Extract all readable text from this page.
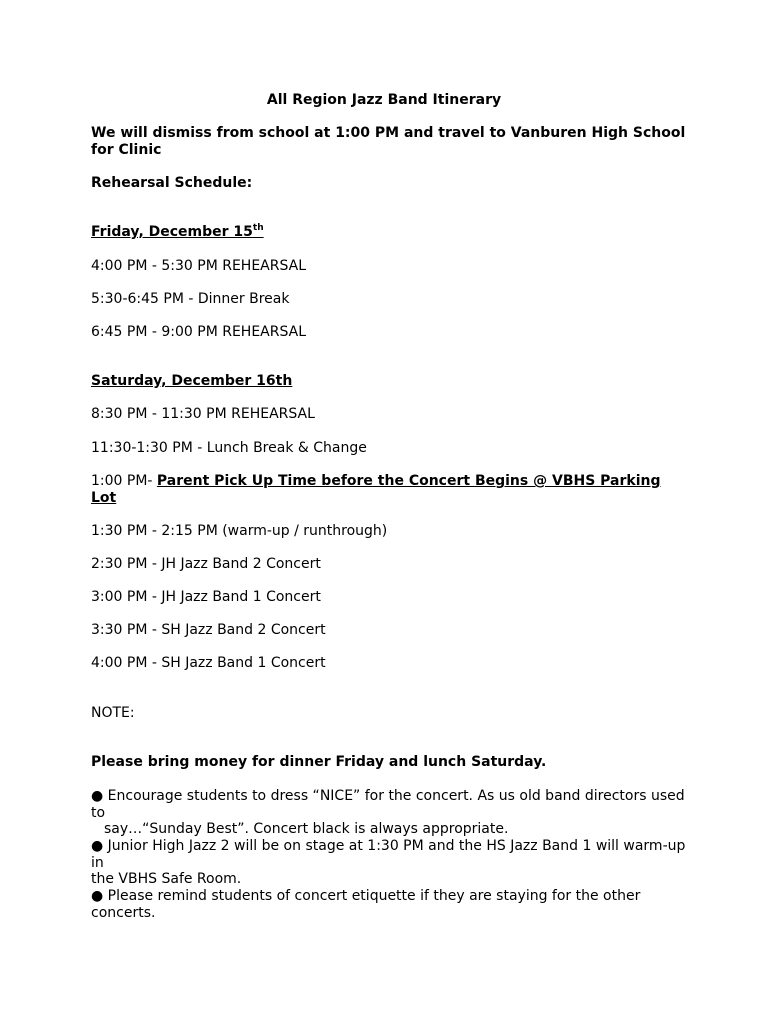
All Region Jazz Band Itinerary

We will dismiss from school at 1:00 PM and travel to Vanburen High School

for Clinic

Rehearsal Schedule:

Friday, December 15th

4:00 PM - 5:30 PM REHEARSAL

5:30-6:45 PM - Dinner Break

6:45 PM - 9:00 PM REHEARSAL

Saturday, December 16th

8:30 PM - 11:30 PM REHEARSAL

11:30-1:30 PM - Lunch Break & Change

1:00 PM- Parent Pick Up Time before the Concert Begins @ VBHS Parking

Lot

1:30 PM - 2:15 PM (warm-up / runthrough)

2:30 PM - JH Jazz Band 2 Concert

3:00 PM - JH Jazz Band 1 Concert

3:30 PM - SH Jazz Band 2 Concert

4:00 PM - SH Jazz Band 1 Concert

NOTE:

Please bring money for dinner Friday and lunch Saturday.

● Encourage students to dress “NICE” for the concert. As us old band directors used

to

say…“Sunday Best”. Concert black is always appropriate.

● Junior High Jazz 2 will be on stage at 1:30 PM and the HS Jazz Band 1 will warm-up

in

the VBHS Safe Room.

● Please remind students of concert etiquette if they are staying for the other

concerts.
